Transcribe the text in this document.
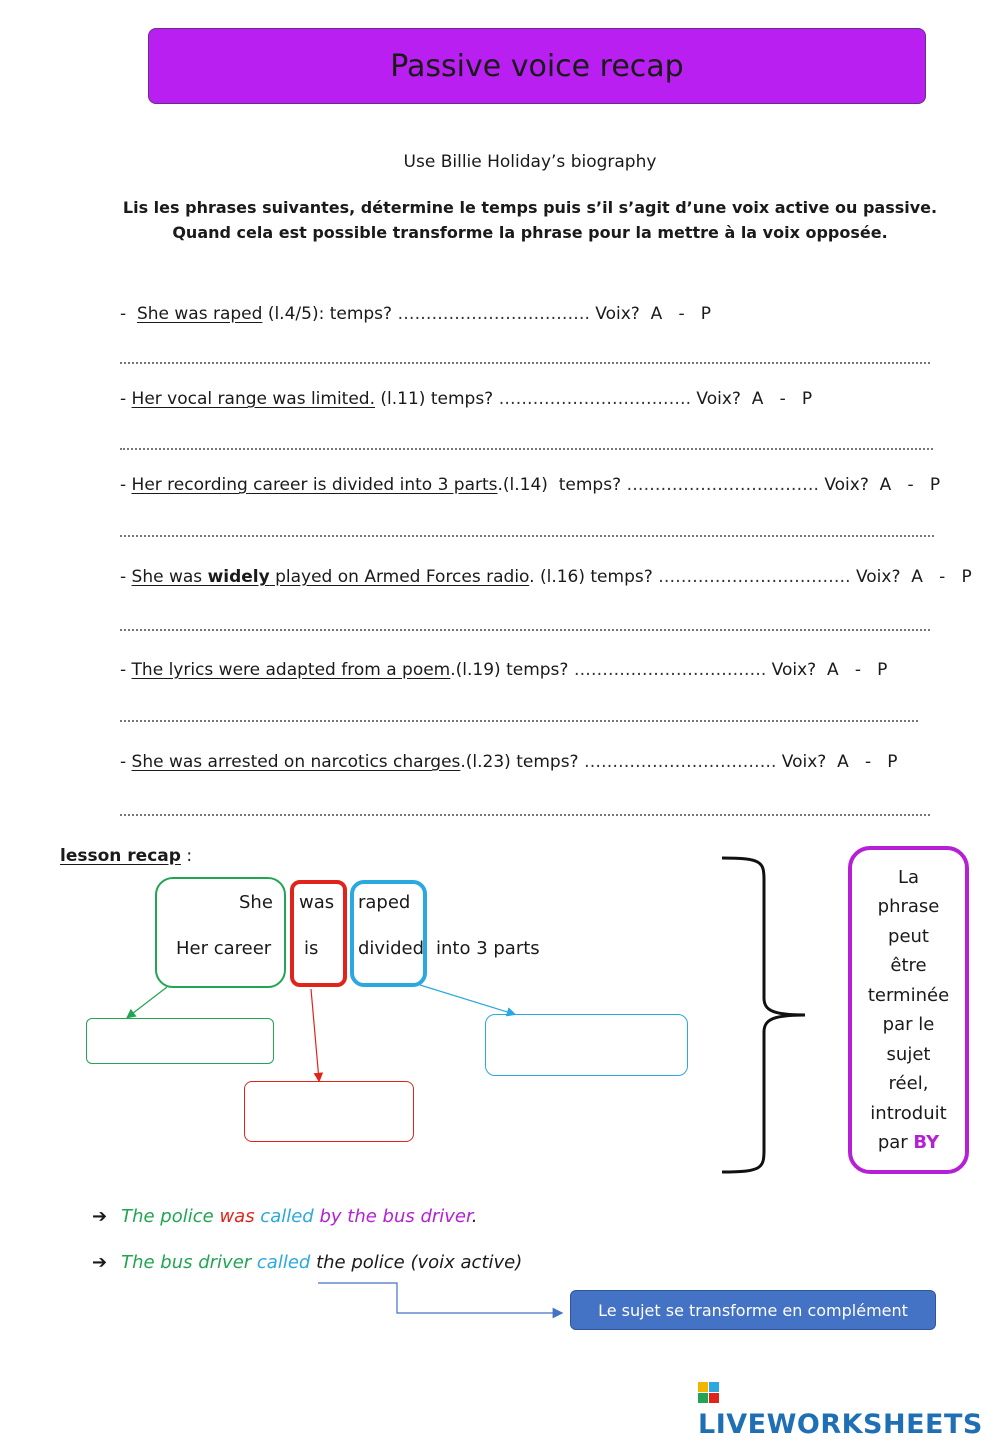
Passive voice recap
Use Billie Holiday’s biography
Lis les phrases suivantes, détermine le temps puis s’il s’agit d’une voix active ou passive.
Quand cela est possible transforme la phrase pour la mettre à la voix opposée.
-  She was raped (l.4/5): temps? ……………………………. Voix?  A   -   P
- Her vocal range was limited. (l.11) temps? ……………………………. Voix?  A   -   P
- Her recording career is divided into 3 parts.(l.14)  temps? ……………………………. Voix?  A   -   P
- She was widely played on Armed Forces radio. (l.16) temps? ……………………………. Voix?  A   -   P
- The lyrics were adapted from a poem.(l.19) temps? ……………………………. Voix?  A   -   P
- She was arrested on narcotics charges.(l.23) temps? ……………………………. Voix?  A   -   P
lesson recap :
She
Her career
was
is
raped
divided into 3 parts

La
phrase
peut
être
terminée
par le
sujet
réel,
introduit
par BY

➔ The police was called by the bus driver.
➔ The bus driver called the police (voix active)
Le sujet se transforme en complément
LIVEWORKSHEETS
